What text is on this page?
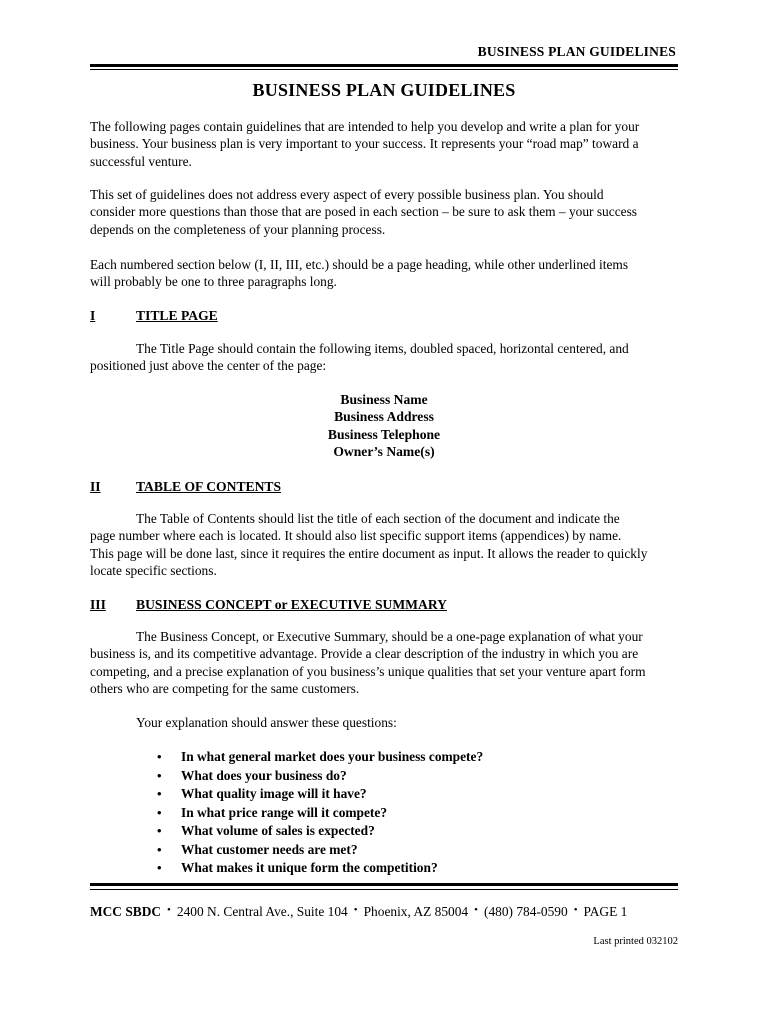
BUSINESS PLAN GUIDELINES
BUSINESS PLAN GUIDELINES

The following pages contain guidelines that are intended to help you develop and write a plan for your business. Your business plan is very important to your success. It represents your “road map” toward a successful venture.

This set of guidelines does not address every aspect of every possible business plan. You should consider more questions than those that are posed in each section – be sure to ask them – your success depends on the completeness of your planning process.

Each numbered section below (I, II, III, etc.) should be a page heading, while other underlined items will probably be one to three paragraphs long.

I	TITLE PAGE

The Title Page should contain the following items, doubled spaced, horizontal centered, and positioned just above the center of the page:

Business Name
Business Address
Business Telephone
Owner’s Name(s)
II	TABLE OF CONTENTS

The Table of Contents should list the title of each section of the document and indicate the page number where each is located. It should also list specific support items (appendices) by name. This page will be done last, since it requires the entire document as input. It allows the reader to quickly locate specific sections.

III BUSINESS CONCEPT or EXECUTIVE SUMMARY

The Business Concept, or Executive Summary, should be a one-page explanation of what your business is, and its competitive advantage. Provide a clear description of the industry in which you are competing, and a precise explanation of you business’s unique qualities that set your venture apart form others who are competing for the same customers.

Your explanation should answer these questions:

• In what general market does your business compete?
• What does your business do?
• What quality image will it have?
• In what price range will it compete?
• What volume of sales is expected?
• What customer needs are met?
• What makes it unique form the competition?
MCC SBDC • 2400 N. Central Ave., Suite 104 • Phoenix, AZ 85004 • (480) 784-0590 • PAGE 1
Last printed 032102
